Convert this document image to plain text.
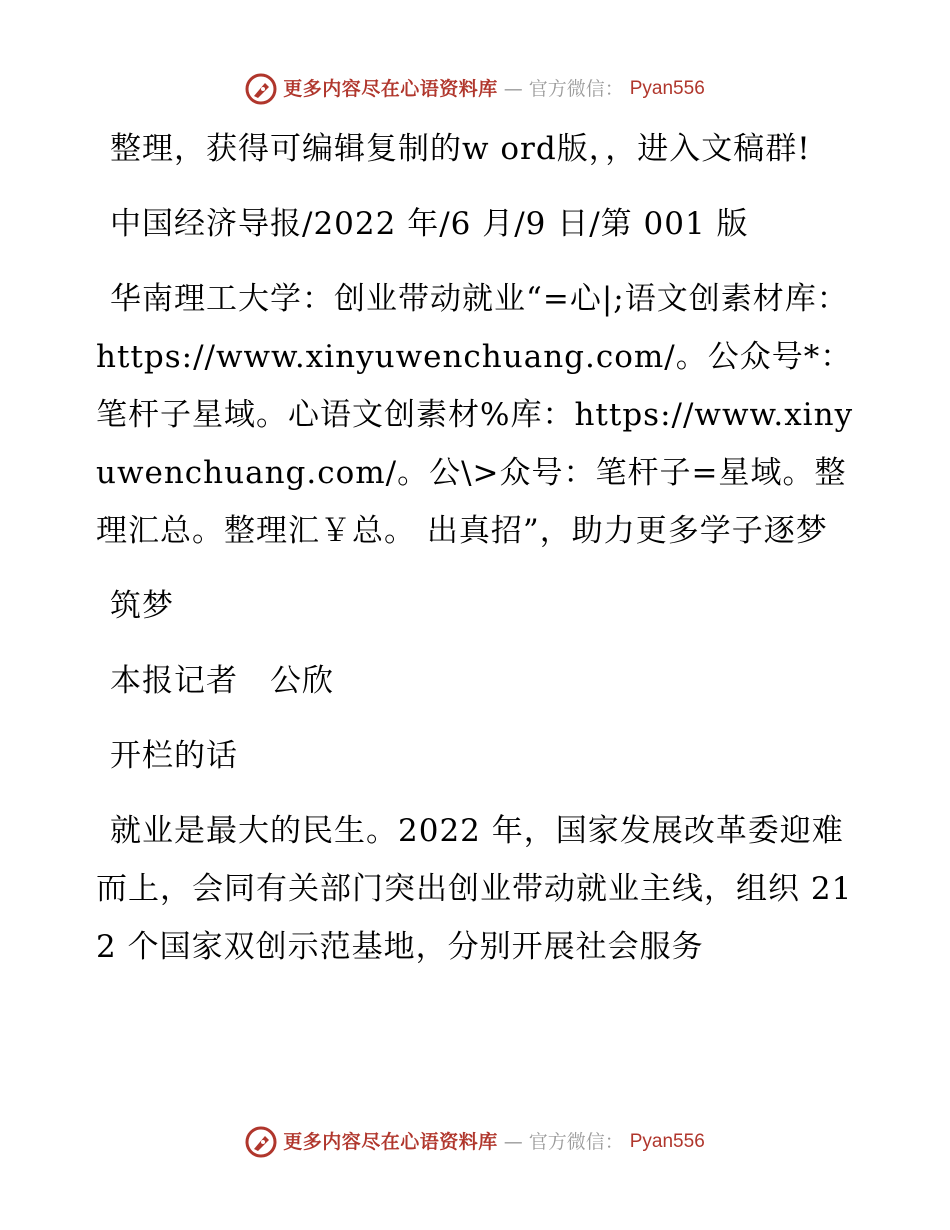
更多内容尽在心语资料库 — 官方微信： Pyan556

整理，获得可编辑复制的w ord版，，进入文稿群!

中国经济导报/2022 年/6 月/9 日/第 001 版

华南理工大学：创业带动就业“=心|;语文创素材库：https://www.xinyuwenchuang.com/。公众号*：笔杆子星域。心语文创素材%库：https://www.xinyuwenchuang.com/。公\>众号：笔杆子=星域。整理汇总。整理汇￥总。 出真招”，助力更多学子逐梦

筑梦

本报记者　公欣

开栏的话

就业是最大的民生。2022 年，国家发展改革委迎难而上，会同有关部门突出创业带动就业主线，组织 212 个国家双创示范基地，分别开展社会服务

更多内容尽在心语资料库 — 官方微信： Pyan556
